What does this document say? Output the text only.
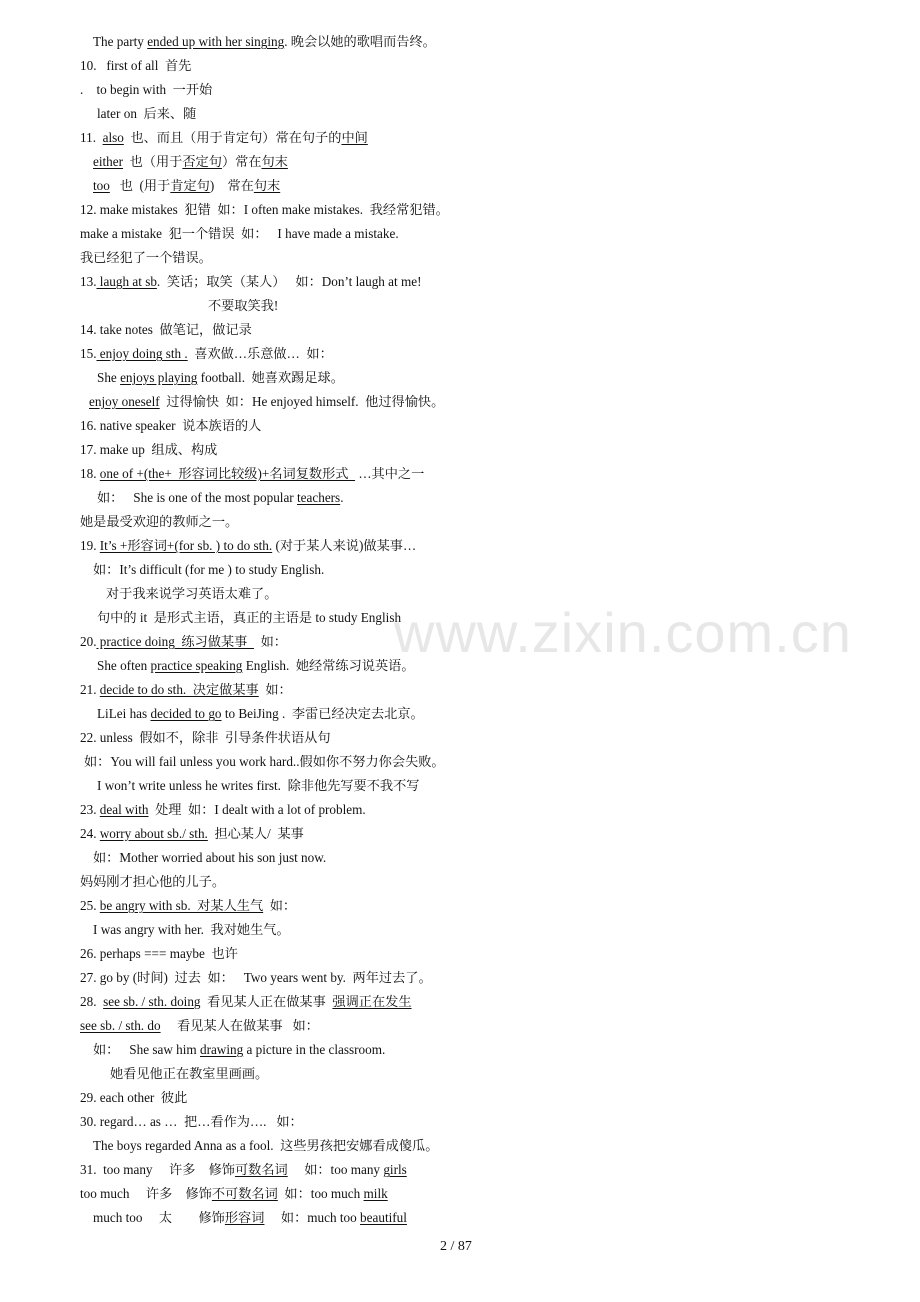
The party ended up with her singing. 晚会以她的歌唱而告终。
10.   first of all  首先
.    to begin with  一开始
later on  后来、随
11.  also  也、而且（用于肯定句）常在句子的中间
either  也（用于否定句）常在句末
too   也  (用于肯定句)    常在句末
12. make mistakes  犯错  如：I often make mistakes.  我经常犯错。
make a mistake  犯一个错误  如：   I have made a mistake.
我已经犯了一个错误。
13. laugh at sb.  笑话；取笑（某人）   如：Don’t laugh at me!
不要取笑我!
14. take notes  做笔记，做记录
15. enjoy doing sth .  喜欢做…乐意做…  如：
She enjoys playing football.  她喜欢踢足球。
enjoy oneself  过得愉快  如：He enjoyed himself.  他过得愉快。
16. native speaker  说本族语的人
17. make up  组成、构成
18. one of +(the+  形容词比较级)+名词复数形式   …其中之一
如：   She is one of the most popular teachers.
她是最受欢迎的教师之一。
19. It’s +形容词+(for sb. ) to do sth. (对于某人来说)做某事…
如：It’s difficult (for me ) to study English.
对于我来说学习英语太难了。
句中的 it  是形式主语，真正的主语是 to study English
20. practice doing  练习做某事    如：
She often practice speaking English.  她经常练习说英语。
21. decide to do sth.  决定做某事  如：
LiLei has decided to go to BeiJing .  李雷已经决定去北京。
22. unless  假如不，除非  引导条件状语从句
如：You will fail unless you work hard..假如你不努力你会失败。
I won’t write unless he writes first.  除非他先写要不我不写
23. deal with  处理  如：I dealt with a lot of problem.
24. worry about sb./ sth.  担心某人/  某事
如：Mother worried about his son just now.
妈妈刚才担心他的儿子。
25. be angry with sb.  对某人生气  如：
I was angry with her.  我对她生气。
26. perhaps === maybe  也许
27. go by (时间)  过去  如：   Two years went by.  两年过去了。
28.  see sb. / sth. doing  看见某人正在做某事  强调正在发生
see sb. / sth. do     看见某人在做某事   如：
如：   She saw him drawing a picture in the classroom.
她看见他正在教室里画画。
29. each other  彼此
30. regard… as …  把…看作为….   如：
The boys regarded Anna as a fool.  这些男孩把安娜看成傻瓜。
31.  too many     许多    修饰可数名词     如：too many girls
too much     许多    修饰不可数名词  如：too much milk
much too     太        修饰形容词     如：much too beautiful
www.zixin.com.cn
2 / 87
